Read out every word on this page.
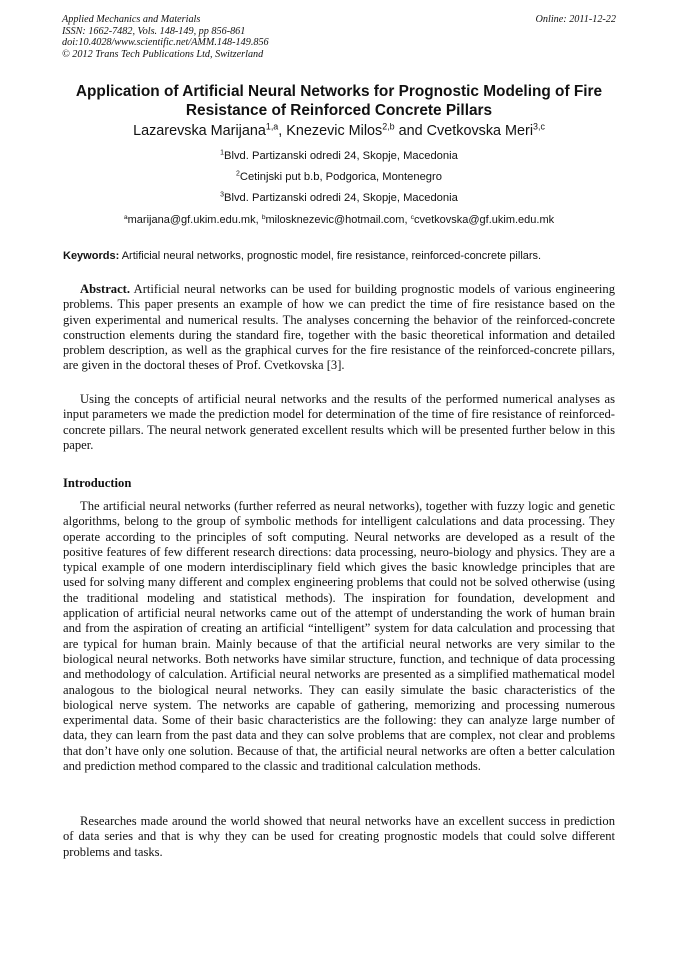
Applied Mechanics and Materials
ISSN: 1662-7482, Vols. 148-149, pp 856-861
doi:10.4028/www.scientific.net/AMM.148-149.856
© 2012 Trans Tech Publications Ltd, Switzerland
Online: 2011-12-22
Application of Artificial Neural Networks for Prognostic Modeling of Fire Resistance of Reinforced Concrete Pillars
Lazarevska Marijana$^{1,a}$, Knezevic Milos$^{2,b}$ and Cvetkovska Meri$^{3,c}$
$^1$Blvd. Partizanski odredi 24, Skopje, Macedonia
$^2$Cetinjski put b.b, Podgorica, Montenegro
$^3$Blvd. Partizanski odredi 24, Skopje, Macedonia
$^a$marijana@gf.ukim.edu.mk, $^b$milosknezevic@hotmail.com, $^c$cvetkovska@gf.ukim.edu.mk
Keywords: Artificial neural networks, prognostic model, fire resistance, reinforced-concrete pillars.

Abstract. Artificial neural networks can be used for building prognostic models of various engineering problems. This paper presents an example of how we can predict the time of fire resistance based on the given experimental and numerical results. The analyses concerning the behavior of the reinforced-concrete construction elements during the standard fire, together with the basic theoretical information and detailed problem description, as well as the graphical curves for the fire resistance of the reinforced-concrete pillars, are given in the doctoral theses of Prof. Cvetkovska [3].

Using the concepts of artificial neural networks and the results of the performed numerical analyses as input parameters we made the prediction model for determination of the time of fire resistance of reinforced-concrete pillars. The neural network generated excellent results which will be presented further below in this paper.

Introduction

The artificial neural networks (further referred as neural networks), together with fuzzy logic and genetic algorithms, belong to the group of symbolic methods for intelligent calculations and data processing. They operate according to the principles of soft computing. Neural networks are developed as a result of the positive features of few different research directions: data processing, neuro-biology and physics. They are a typical example of one modern interdisciplinary field which gives the basic knowledge principles that are used for solving many different and complex engineering problems that could not be solved otherwise (using the traditional modeling and statistical methods). The inspiration for foundation, development and application of artificial neural networks came out of the attempt of understanding the work of human brain and from the aspiration of creating an artificial “intelligent” system for data calculation and processing that are typical for human brain. Mainly because of that the artificial neural networks are very similar to the biological neural networks. Both networks have similar structure, function, and technique of data processing and methodology of calculation. Artificial neural networks are presented as a simplified mathematical model analogous to the biological neural networks. They can easily simulate the basic characteristics of the biological nerve system. The networks are capable of gathering, memorizing and processing numerous experimental data. Some of their basic characteristics are the following: they can analyze large number of data, they can learn from the past data and they can solve problems that are complex, not clear and problems that don’t have only one solution. Because of that, the artificial neural networks are often a better calculation and prediction method compared to the classic and traditional calculation methods.

Researches made around the world showed that neural networks have an excellent success in prediction of data series and that is why they can be used for creating prognostic models that could solve different problems and tasks.
